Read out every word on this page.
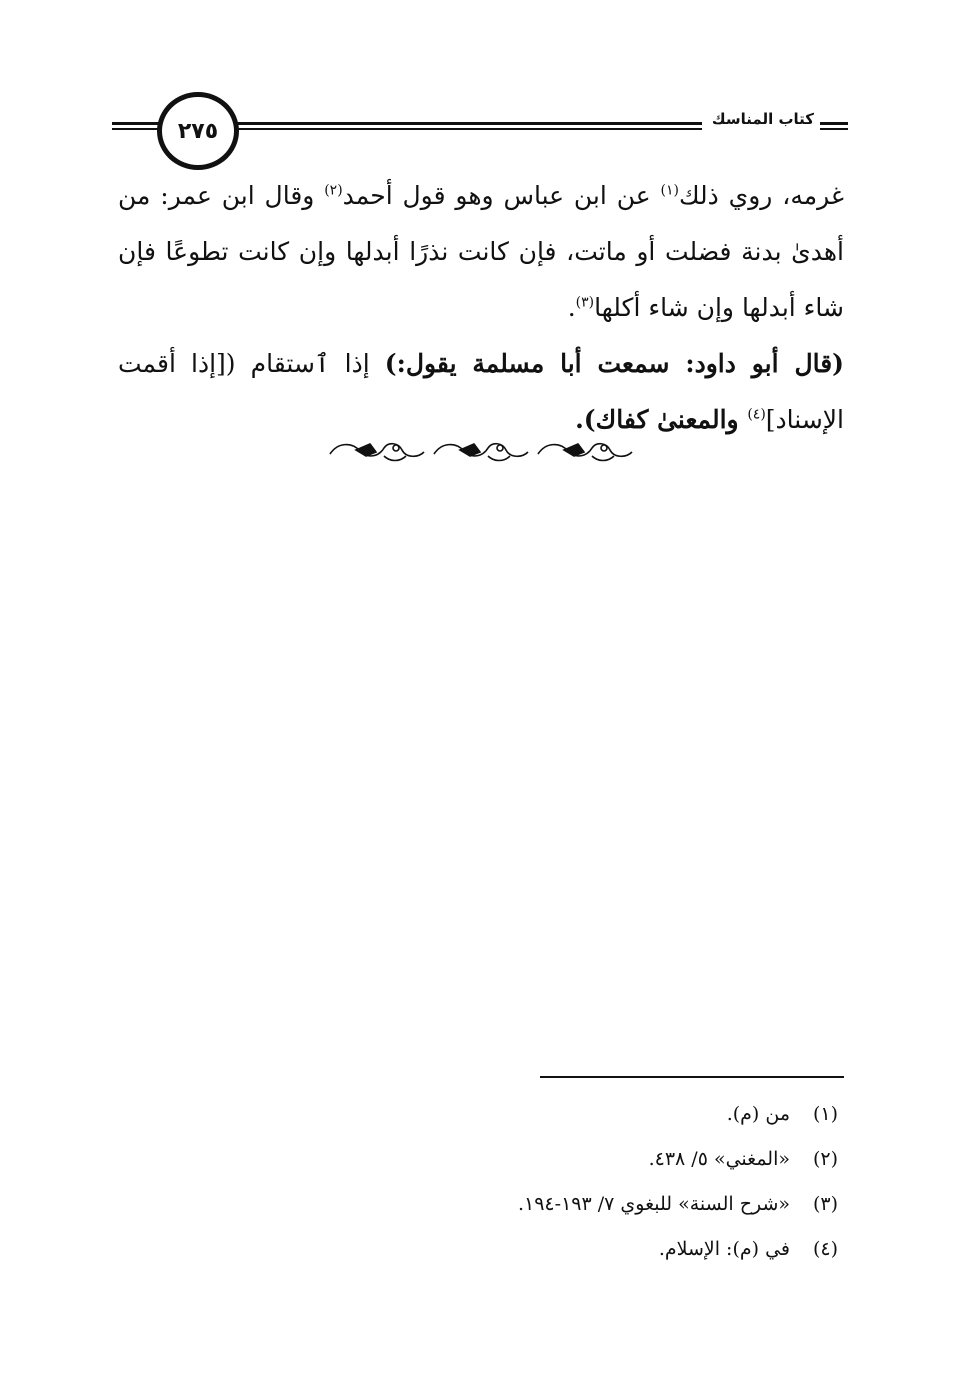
٢٧٥	كتاب المناسك

غرمه، روي ذلك$^{(١)}$ عن ابن عباس وهو قول أحمد$^{(٢)}$ وقال ابن عمر: من أهدىٰ بدنة فضلت أو ماتت، فإن كانت نذرًا أبدلها وإن كانت تطوعًا فإن شاء أبدلها وإن شاء أكلها$^{(٣)}$.

(قال أبو داود: سمعت أبا مسلمة يقول:) إذا ٱستقام ([إذا أقمت الإسناد]$^{(٤)}$ والمعنىٰ كفاك).

(١)
من (م).
(٢)
«المغني» ٥/ ٤٣٨.
(٣)
«شرح السنة» للبغوي ٧/ ١٩٣-١٩٤.
(٤)
في (م): الإسلام.
